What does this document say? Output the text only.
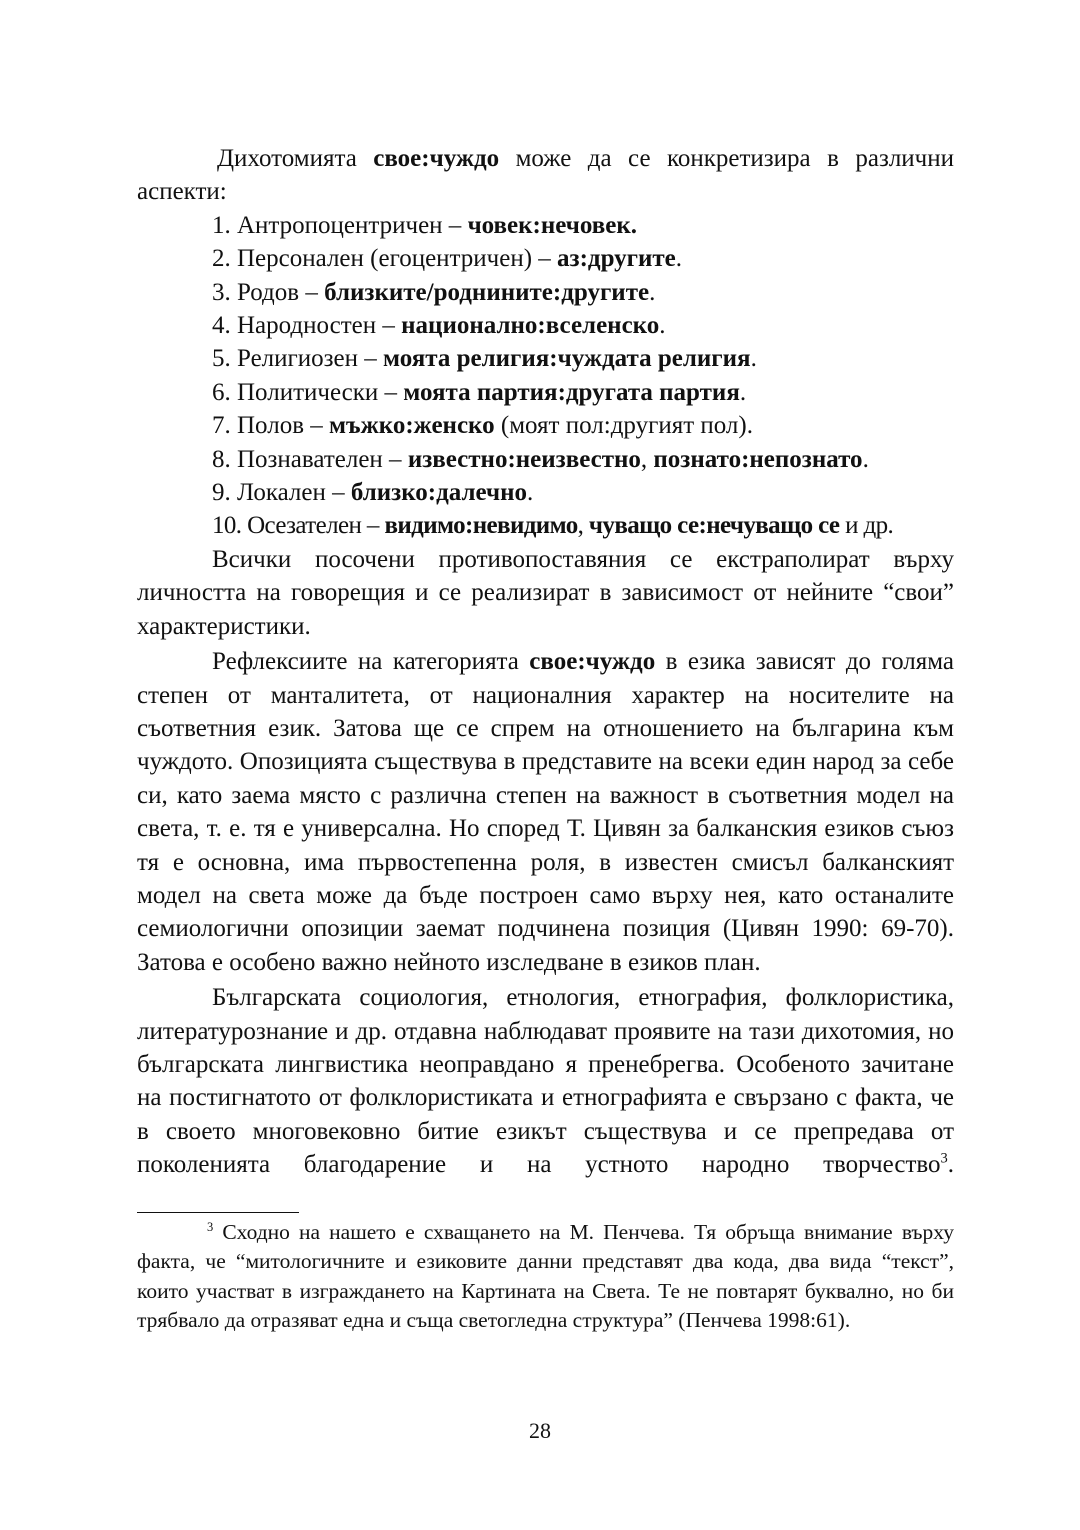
Дихотомията свое:чуждо може да се конкретизира в различни аспекти:
1. Антропоцентричен – човек:нечовек.
2. Персонален (егоцентричен) – аз:другите.
3. Родов – близките/роднините:другите.
4. Народностен – национално:вселенско.
5. Религиозен – моята религия:чуждата религия.
6. Политически – моята партия:другата партия.
7. Полов – мъжко:женско (моят пол:другият пол).
8. Познавателен – известно:неизвестно, познато:непознато.
9. Локален – близко:далечно.
10. Осезателен – видимо:невидимо, чуващо се:нечуващо се и др.
Всички посочени противопоставяния се екстраполират върху личността на говорещия и се реализират в зависимост от нейните “свои” характеристики.
Рефлексиите на категорията свое:чуждо в езика зависят до голяма степен от манталитета, от националния характер на носителите на съответния език. Затова ще се спрем на отношението на българина към чуждото. Опозицията съществува в представите на всеки един народ за себе си, като заема място с различна степен на важност в съответния модел на света, т. е. тя е универсална. Но според Т. Цивян за балканския езиков съюз тя е основна, има първостепенна роля, в известен смисъл балканският модел на света може да бъде построен само върху нея, като останалите семиологични опозиции заемат подчинена позиция (Цивян 1990: 69-70). Затова е особено важно нейното изследване в езиков план.
Българската социология, етнология, етнография, фолклористика, литературознание и др. отдавна наблюдават проявите на тази дихотомия, но българската лингвистика неоправдано я пренебрегва. Особеното зачитане на постигнатото от фолклористиката и етнографията е свързано с факта, че в своето многовековно битие езикът съществува и се препредава от поколенията благодарение и на устното народно творчество$^3$.
$^3$ Сходно на нашето е схващането на М. Пенчева. Тя обръща внимание върху факта, че “митологичните и езиковите данни представят два кода, два вида “текст”, които участват в изграждането на Картината на Света. Те не повтарят буквално, но би трябвало да отразяват една и съща светогледна структура” (Пенчева 1998:61).
28
